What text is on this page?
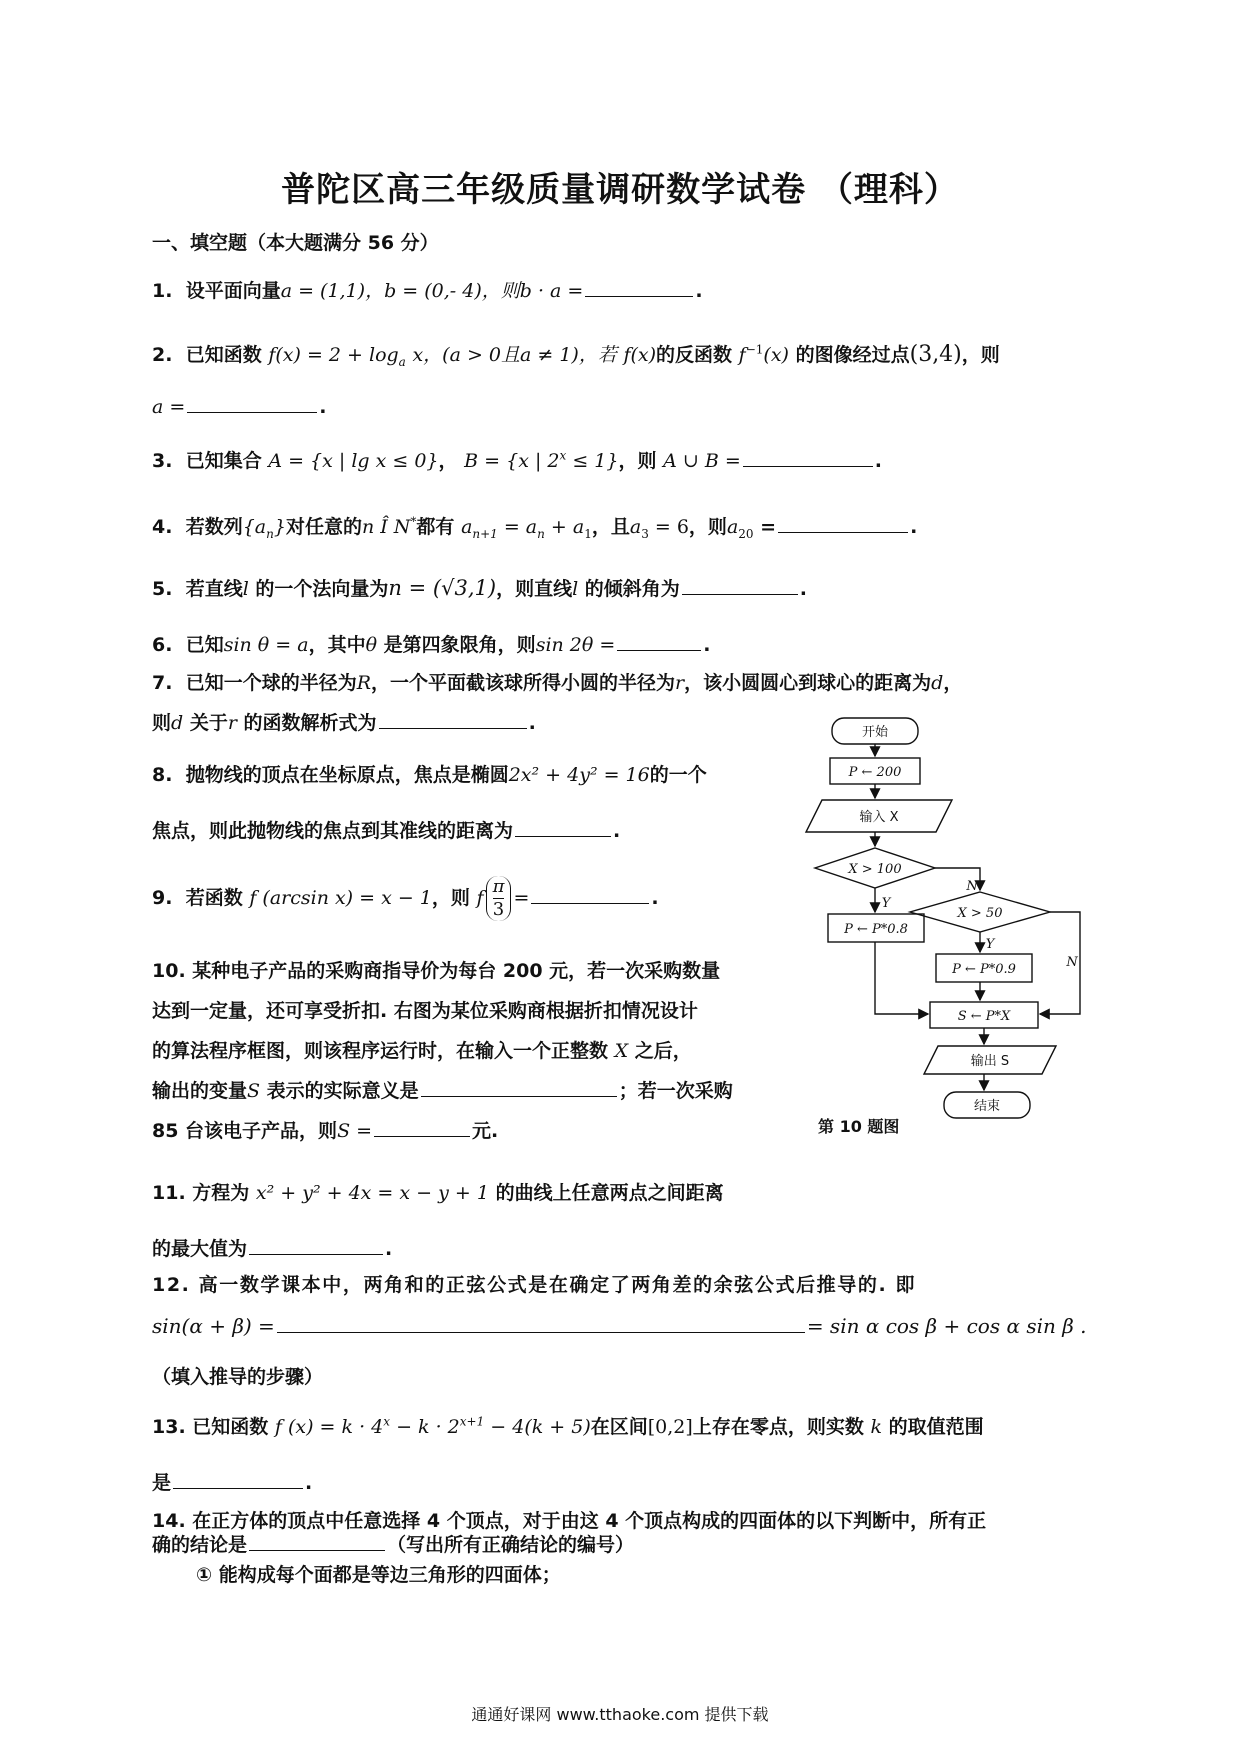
普陀区高三年级质量调研数学试卷 （理科）
一、填空题（本大题满分 56 分）
1. 设平面向量a = (1,1)，b = (0,- 4)，则b · a =	.
2. 已知函数 $f(x) = 2 + \log_a x$，(a > 0且a ≠ 1)，若 f(x)的反函数 $f^{-1}(x)$ 的图像经过点(3,4)，则
a =	.
3. 已知集合 A = {x | lg x ≤ 0}， B = {x | $2^x \le 1$}，则 A ∪ B =	.
4. 若数列$\{a_n\}$对任意的n Î N*都有 $a_{n+1} = a_n + a_1$，且$a_3 = 6$，则$a_{20}$ =	.
5. 若直线l 的一个法向量为n = (√3,1)，则直线l 的倾斜角为	.
6. 已知sin θ = a，其中θ 是第四象限角，则sin 2θ =	.
7. 已知一个球的半径为R，一个平面截该球所得小圆的半径为r，该小圆圆心到球心的距离为d，
则d 关于r 的函数解析式为	.
8. 抛物线的顶点在坐标原点，焦点是椭圆2x² + 4y² = 16的一个
焦点，则此抛物线的焦点到其准线的距离为	.
9. 若函数 f (arcsin x) = x − 1，则 f $\frac{\pi}{3}$ =	.
10. 某种电子产品的采购商指导价为每台 200 元，若一次采购数量
达到一定量，还可享受折扣. 右图为某位采购商根据折扣情况设计
的算法程序框图，则该程序运行时，在输入一个正整数 X 之后，
输出的变量S 表示的实际意义是	；若一次采购
85 台该电子产品，则S =	元.
开始
P ← 200
输入 X
X > 100
X > 50
P ← P*0.8
P ← P*0.9
S ← P*X
输出 S
结束
Y
Y
N
N
第 10 题图
11. 方程为 x² + y² + 4x = x − y + 1 的曲线上任意两点之间距离
的最大值为	.
12. 高一数学课本中，两角和的正弦公式是在确定了两角差的余弦公式后推导的. 即
sin(α + β) =	= sin α cos β + cos α sin β .
（填入推导的步骤）
13. 已知函数 f $(x) = k \cdot 4^x - k \cdot 2^{x+1} - 4(k + 5)$在区间[0,2]上存在零点，则实数 k 的取值范围
是	.
14. 在正方体的顶点中任意选择 4 个顶点，对于由这 4 个顶点构成的四面体的以下判断中，所有正
确的结论是	（写出所有正确结论的编号）
① 能构成每个面都是等边三角形的四面体；
通通好课网 www.tthaoke.com 提供下载
